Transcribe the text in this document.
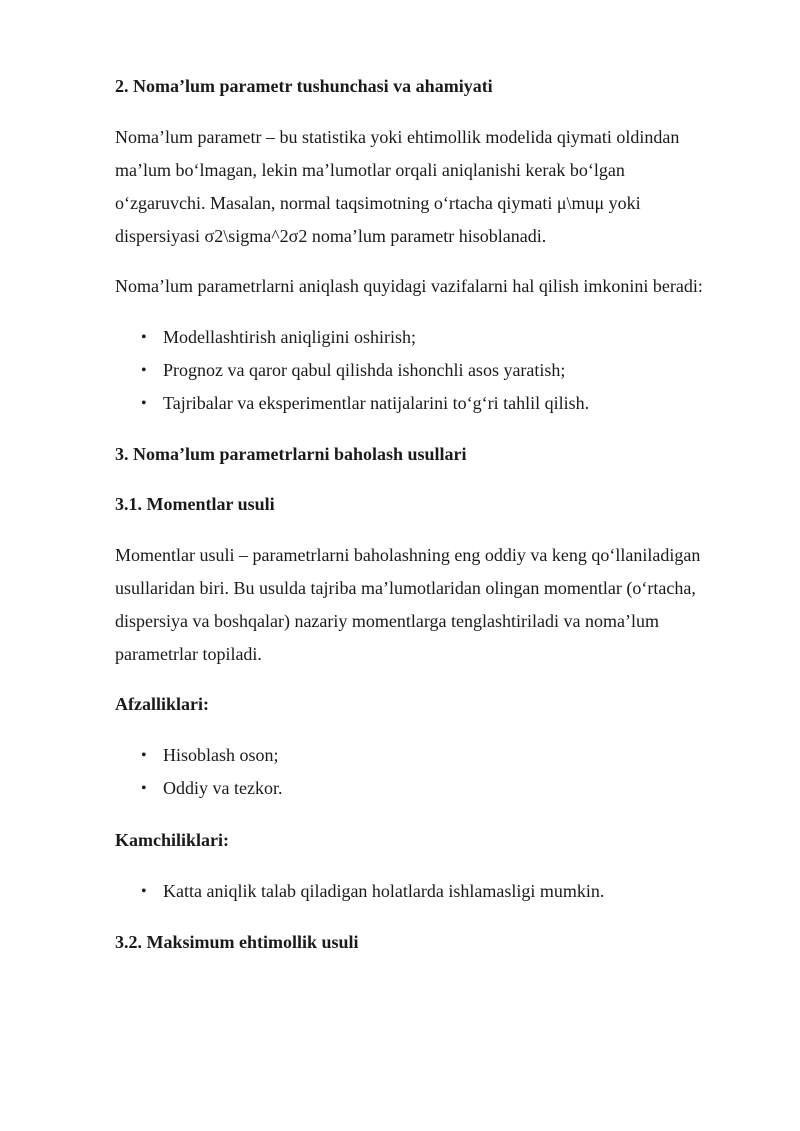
2. Noma’lum parametr tushunchasi va ahamiyati
Noma’lum parametr – bu statistika yoki ehtimollik modelida qiymati oldindan
ma’lum bo‘lmagan, lekin ma’lumotlar orqali aniqlanishi kerak bo‘lgan
o‘zgaruvchi. Masalan, normal taqsimotning o‘rtacha qiymati μ\muμ yoki
dispersiyasi σ2\sigma^2σ2 noma’lum parametr hisoblanadi.
Noma’lum parametrlarni aniqlash quyidagi vazifalarni hal qilish imkonini beradi:
• Modellashtirish aniqligini oshirish;
• Prognoz va qaror qabul qilishda ishonchli asos yaratish;
• Tajribalar va eksperimentlar natijalarini to‘g‘ri tahlil qilish.
3. Noma’lum parametrlarni baholash usullari
3.1. Momentlar usuli
Momentlar usuli – parametrlarni baholashning eng oddiy va keng qo‘llaniladigan
usullaridan biri. Bu usulda tajriba ma’lumotlaridan olingan momentlar (o‘rtacha,
dispersiya va boshqalar) nazariy momentlarga tenglashtiriladi va noma’lum
parametrlar topiladi.
Afzalliklari:
• Hisoblash oson;
• Oddiy va tezkor.
Kamchiliklari:
• Katta aniqlik talab qiladigan holatlarda ishlamasligi mumkin.
3.2. Maksimum ehtimollik usuli
